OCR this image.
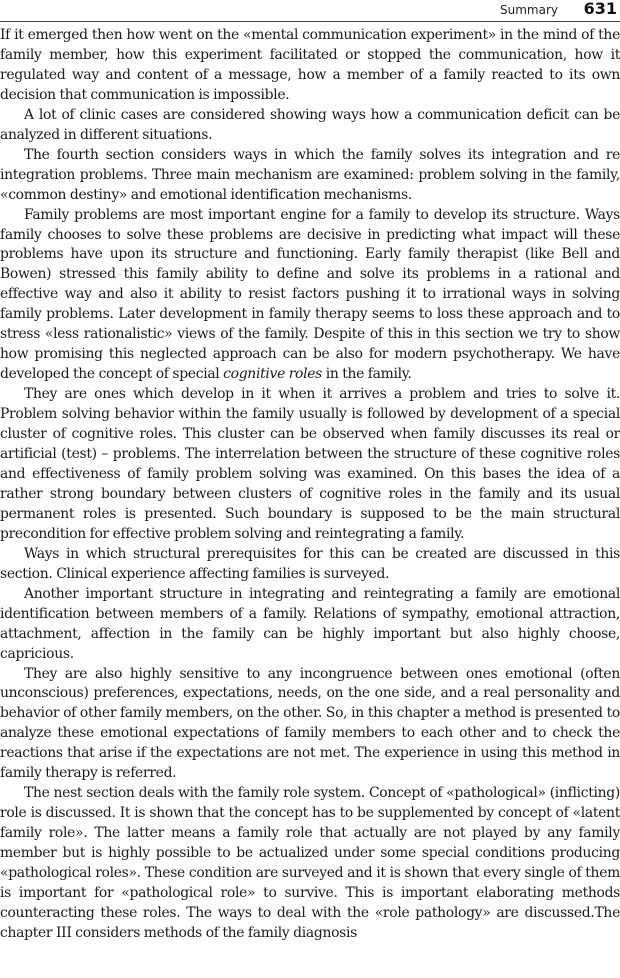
Summary 631

If it emerged then how went on the «mental communication experiment» in the mind of the family member, how this experiment facilitated or stopped the communication, how it regulated way and content of a message, how a member of a family reacted to its own decision that communication is impossible.

A lot of clinic cases are considered showing ways how a communication deficit can be analyzed in different situations.

The fourth section considers ways in which the family solves its integration and re integration problems. Three main mechanism are examined: problem solving in the family, «common destiny» and emotional identification mechanisms.

Family problems are most important engine for a family to develop its structure. Ways family chooses to solve these problems are decisive in predicting what impact will these problems have upon its structure and functioning. Early family therapist (like Bell and Bowen) stressed this family ability to define and solve its problems in a rational and effective way and also it ability to resist factors pushing it to irrational ways in solving family problems. Later development in family therapy seems to loss these approach and to stress «less rationalistic» views of the family. Despite of this in this section we try to show how promising this neglected approach can be also for modern psychotherapy. We have developed the concept of special cognitive roles in the family.

They are ones which develop in it when it arrives a problem and tries to solve it. Problem solving behavior within the family usually is followed by development of a special cluster of cognitive roles. This cluster can be observed when family discusses its real or artificial (test) – problems. The interrelation between the structure of these cognitive roles and effectiveness of family problem solving was examined. On this bases the idea of a rather strong boundary between clusters of cognitive roles in the family and its usual permanent roles is presented. Such boundary is supposed to be the main structural precondition for effective problem solving and reintegrating a family.

Ways in which structural prerequisites for this can be created are discussed in this section. Clinical experience affecting families is surveyed.

Another important structure in integrating and reintegrating a family are emotional identification between members of a family. Relations of sympathy, emotional attraction, attachment, affection in the family can be highly important but also highly choose, capricious.

They are also highly sensitive to any incongruence between ones emotional (often unconscious) preferences, expectations, needs, on the one side, and a real personality and behavior of other family members, on the other. So, in this chapter a method is presented to analyze these emotional expectations of family members to each other and to check the reactions that arise if the expectations are not met. The experience in using this method in family therapy is referred.

The nest section deals with the family role system. Concept of «pathological» (inflicting) role is discussed. It is shown that the concept has to be supplemented by concept of «latent family role». The latter means a family role that actually are not played by any family member but is highly possible to be actualized under some special conditions producing «pathological roles». These condition are surveyed and it is shown that every single of them is important for «pathological role» to survive. This is important elaborating methods counteracting these roles. The ways to deal with the «role pathology» are discussed.The chapter III considers methods of the family diagnosis
